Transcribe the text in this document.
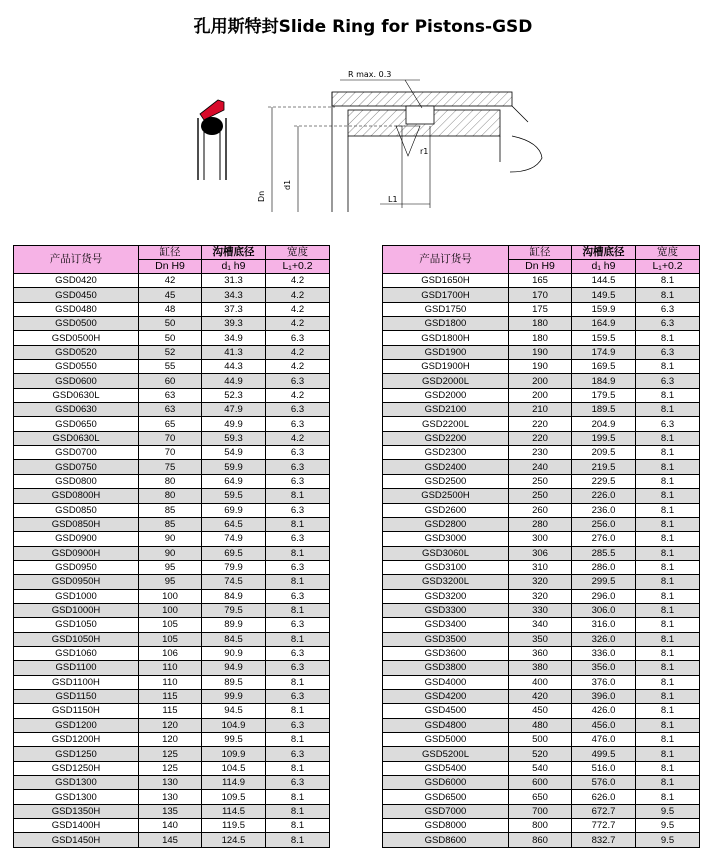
孔用斯特封Slide Ring for Pistons-GSD
Dn
d1
L1
r1
R max. 0.3
产品订货号	缸径	沟槽底径	宽度
	Dn H9	d₁ h9	L₁+0.2
GSD0420	42	31.3	4.2
GSD0450	45	34.3	4.2
GSD0480	48	37.3	4.2
GSD0500	50	39.3	4.2
GSD0500H	50	34.9	6.3
GSD0520	52	41.3	4.2
GSD0550	55	44.3	4.2
GSD0600	60	44.9	6.3
GSD0630L	63	52.3	4.2
GSD0630	63	47.9	6.3
GSD0650	65	49.9	6.3
GSD0630L	70	59.3	4.2
GSD0700	70	54.9	6.3
GSD0750	75	59.9	6.3
GSD0800	80	64.9	6.3
GSD0800H	80	59.5	8.1
GSD0850	85	69.9	6.3
GSD0850H	85	64.5	8.1
GSD0900	90	74.9	6.3
GSD0900H	90	69.5	8.1
GSD0950	95	79.9	6.3
GSD0950H	95	74.5	8.1
GSD1000	100	84.9	6.3
GSD1000H	100	79.5	8.1
GSD1050	105	89.9	6.3
GSD1050H	105	84.5	8.1
GSD1060	106	90.9	6.3
GSD1100	110	94.9	6.3
GSD1100H	110	89.5	8.1
GSD1150	115	99.9	6.3
GSD1150H	115	94.5	8.1
GSD1200	120	104.9	6.3
GSD1200H	120	99.5	8.1
GSD1250	125	109.9	6.3
GSD1250H	125	104.5	8.1
GSD1300	130	114.9	6.3
GSD1300	130	109.5	8.1
GSD1350H	135	114.5	8.1
GSD1400H	140	119.5	8.1
GSD1450H	145	124.5	8.1
产品订货号	缸径	沟槽底径	宽度
	Dn H9	d₁ h9	L₁+0.2
GSD1650H	165	144.5	8.1
GSD1700H	170	149.5	8.1
GSD1750	175	159.9	6.3
GSD1800	180	164.9	6.3
GSD1800H	180	159.5	8.1
GSD1900	190	174.9	6.3
GSD1900H	190	169.5	8.1
GSD2000L	200	184.9	6.3
GSD2000	200	179.5	8.1
GSD2100	210	189.5	8.1
GSD2200L	220	204.9	6.3
GSD2200	220	199.5	8.1
GSD2300	230	209.5	8.1
GSD2400	240	219.5	8.1
GSD2500	250	229.5	8.1
GSD2500H	250	226.0	8.1
GSD2600	260	236.0	8.1
GSD2800	280	256.0	8.1
GSD3000	300	276.0	8.1
GSD3060L	306	285.5	8.1
GSD3100	310	286.0	8.1
GSD3200L	320	299.5	8.1
GSD3200	320	296.0	8.1
GSD3300	330	306.0	8.1
GSD3400	340	316.0	8.1
GSD3500	350	326.0	8.1
GSD3600	360	336.0	8.1
GSD3800	380	356.0	8.1
GSD4000	400	376.0	8.1
GSD4200	420	396.0	8.1
GSD4500	450	426.0	8.1
GSD4800	480	456.0	8.1
GSD5000	500	476.0	8.1
GSD5200L	520	499.5	8.1
GSD5400	540	516.0	8.1
GSD6000	600	576.0	8.1
GSD6500	650	626.0	8.1
GSD7000	700	672.7	9.5
GSD8000	800	772.7	9.5
GSD8600	860	832.7	9.5
